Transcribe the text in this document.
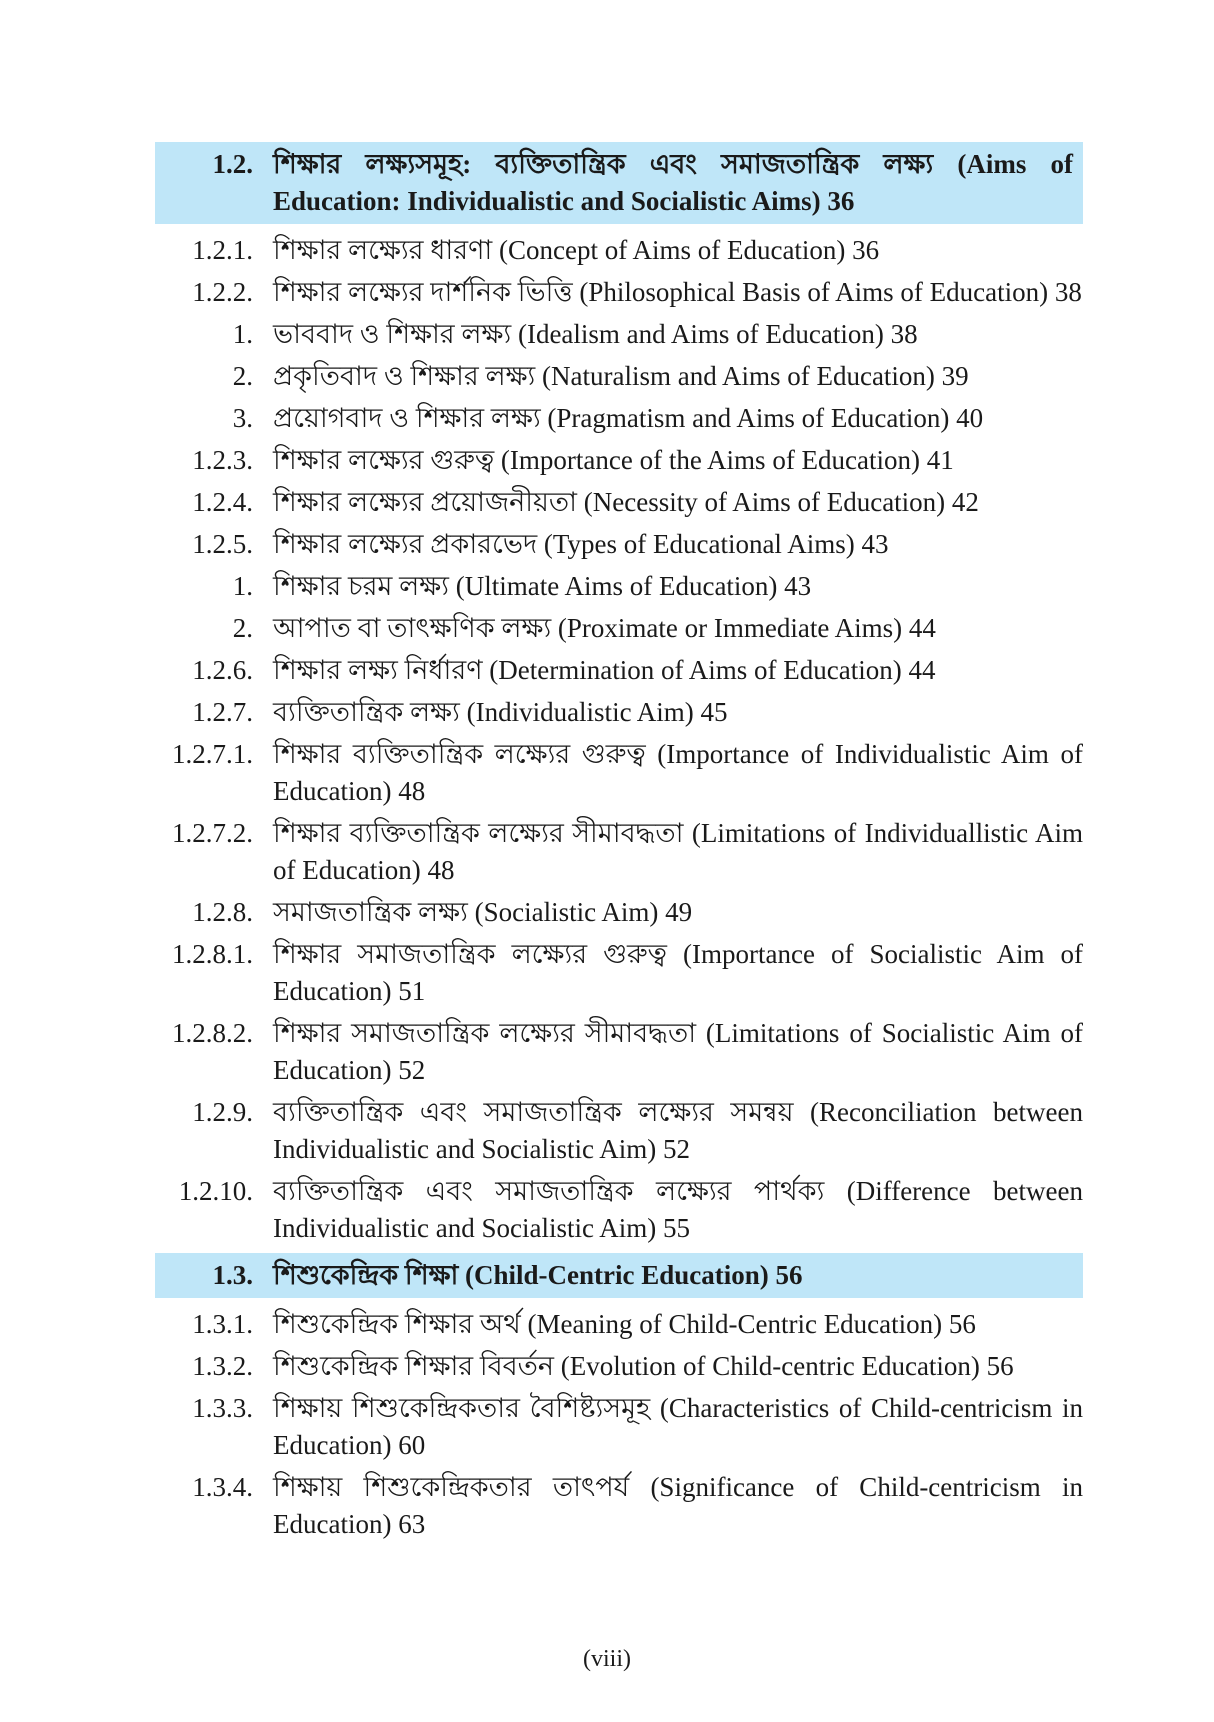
1.2. শিক্ষার লক্ষ্যসমূহ: ব্যক্তিতান্ত্রিক এবং সমাজতান্ত্রিক লক্ষ্য (Aims of Education: Individualistic and Socialistic Aims) 36
1.2.1. শিক্ষার লক্ষ্যের ধারণা (Concept of Aims of Education) 36
1.2.2. শিক্ষার লক্ষ্যের দার্শনিক ভিত্তি (Philosophical Basis of Aims of Education) 38
1. ভাববাদ ও শিক্ষার লক্ষ্য (Idealism and Aims of Education) 38
2. প্রকৃতিবাদ ও শিক্ষার লক্ষ্য (Naturalism and Aims of Education) 39
3. প্রয়োগবাদ ও শিক্ষার লক্ষ্য (Pragmatism and Aims of Education) 40
1.2.3. শিক্ষার লক্ষ্যের গুরুত্ব (Importance of the Aims of Education) 41
1.2.4. শিক্ষার লক্ষ্যের প্রয়োজনীয়তা (Necessity of Aims of Education) 42
1.2.5. শিক্ষার লক্ষ্যের প্রকারভেদ (Types of Educational Aims) 43
1. শিক্ষার চরম লক্ষ্য (Ultimate Aims of Education) 43
2. আপাত বা তাৎক্ষণিক লক্ষ্য (Proximate or Immediate Aims) 44
1.2.6. শিক্ষার লক্ষ্য নির্ধারণ (Determination of Aims of Education) 44
1.2.7. ব্যক্তিতান্ত্রিক লক্ষ্য (Individualistic Aim) 45
1.2.7.1. শিক্ষার ব্যক্তিতান্ত্রিক লক্ষ্যের গুরুত্ব (Importance of Individualistic Aim of Education) 48
1.2.7.2. শিক্ষার ব্যক্তিতান্ত্রিক লক্ষ্যের সীমাবদ্ধতা (Limitations of Individuallistic Aim of Education) 48
1.2.8. সমাজতান্ত্রিক লক্ষ্য (Socialistic Aim) 49
1.2.8.1. শিক্ষার সমাজতান্ত্রিক লক্ষ্যের গুরুত্ব (Importance of Socialistic Aim of Education) 51
1.2.8.2. শিক্ষার সমাজতান্ত্রিক লক্ষ্যের সীমাবদ্ধতা (Limitations of Socialistic Aim of Education) 52
1.2.9. ব্যক্তিতান্ত্রিক এবং সমাজতান্ত্রিক লক্ষ্যের সমন্বয় (Reconciliation between Individualistic and Socialistic Aim) 52
1.2.10. ব্যক্তিতান্ত্রিক এবং সমাজতান্ত্রিক লক্ষ্যের পার্থক্য (Difference between Individualistic and Socialistic Aim) 55
1.3. শিশুকেন্দ্রিক শিক্ষা (Child-Centric Education) 56
1.3.1. শিশুকেন্দ্রিক শিক্ষার অর্থ (Meaning of Child-Centric Education) 56
1.3.2. শিশুকেন্দ্রিক শিক্ষার বিবর্তন (Evolution of Child-centric Education) 56
1.3.3. শিক্ষায় শিশুকেন্দ্রিকতার বৈশিষ্ট্যসমূহ (Characteristics of Child-centricism in Education) 60
1.3.4. শিক্ষায় শিশুকেন্দ্রিকতার তাৎপর্য (Significance of Child-centricism in Education) 63
(viii)
